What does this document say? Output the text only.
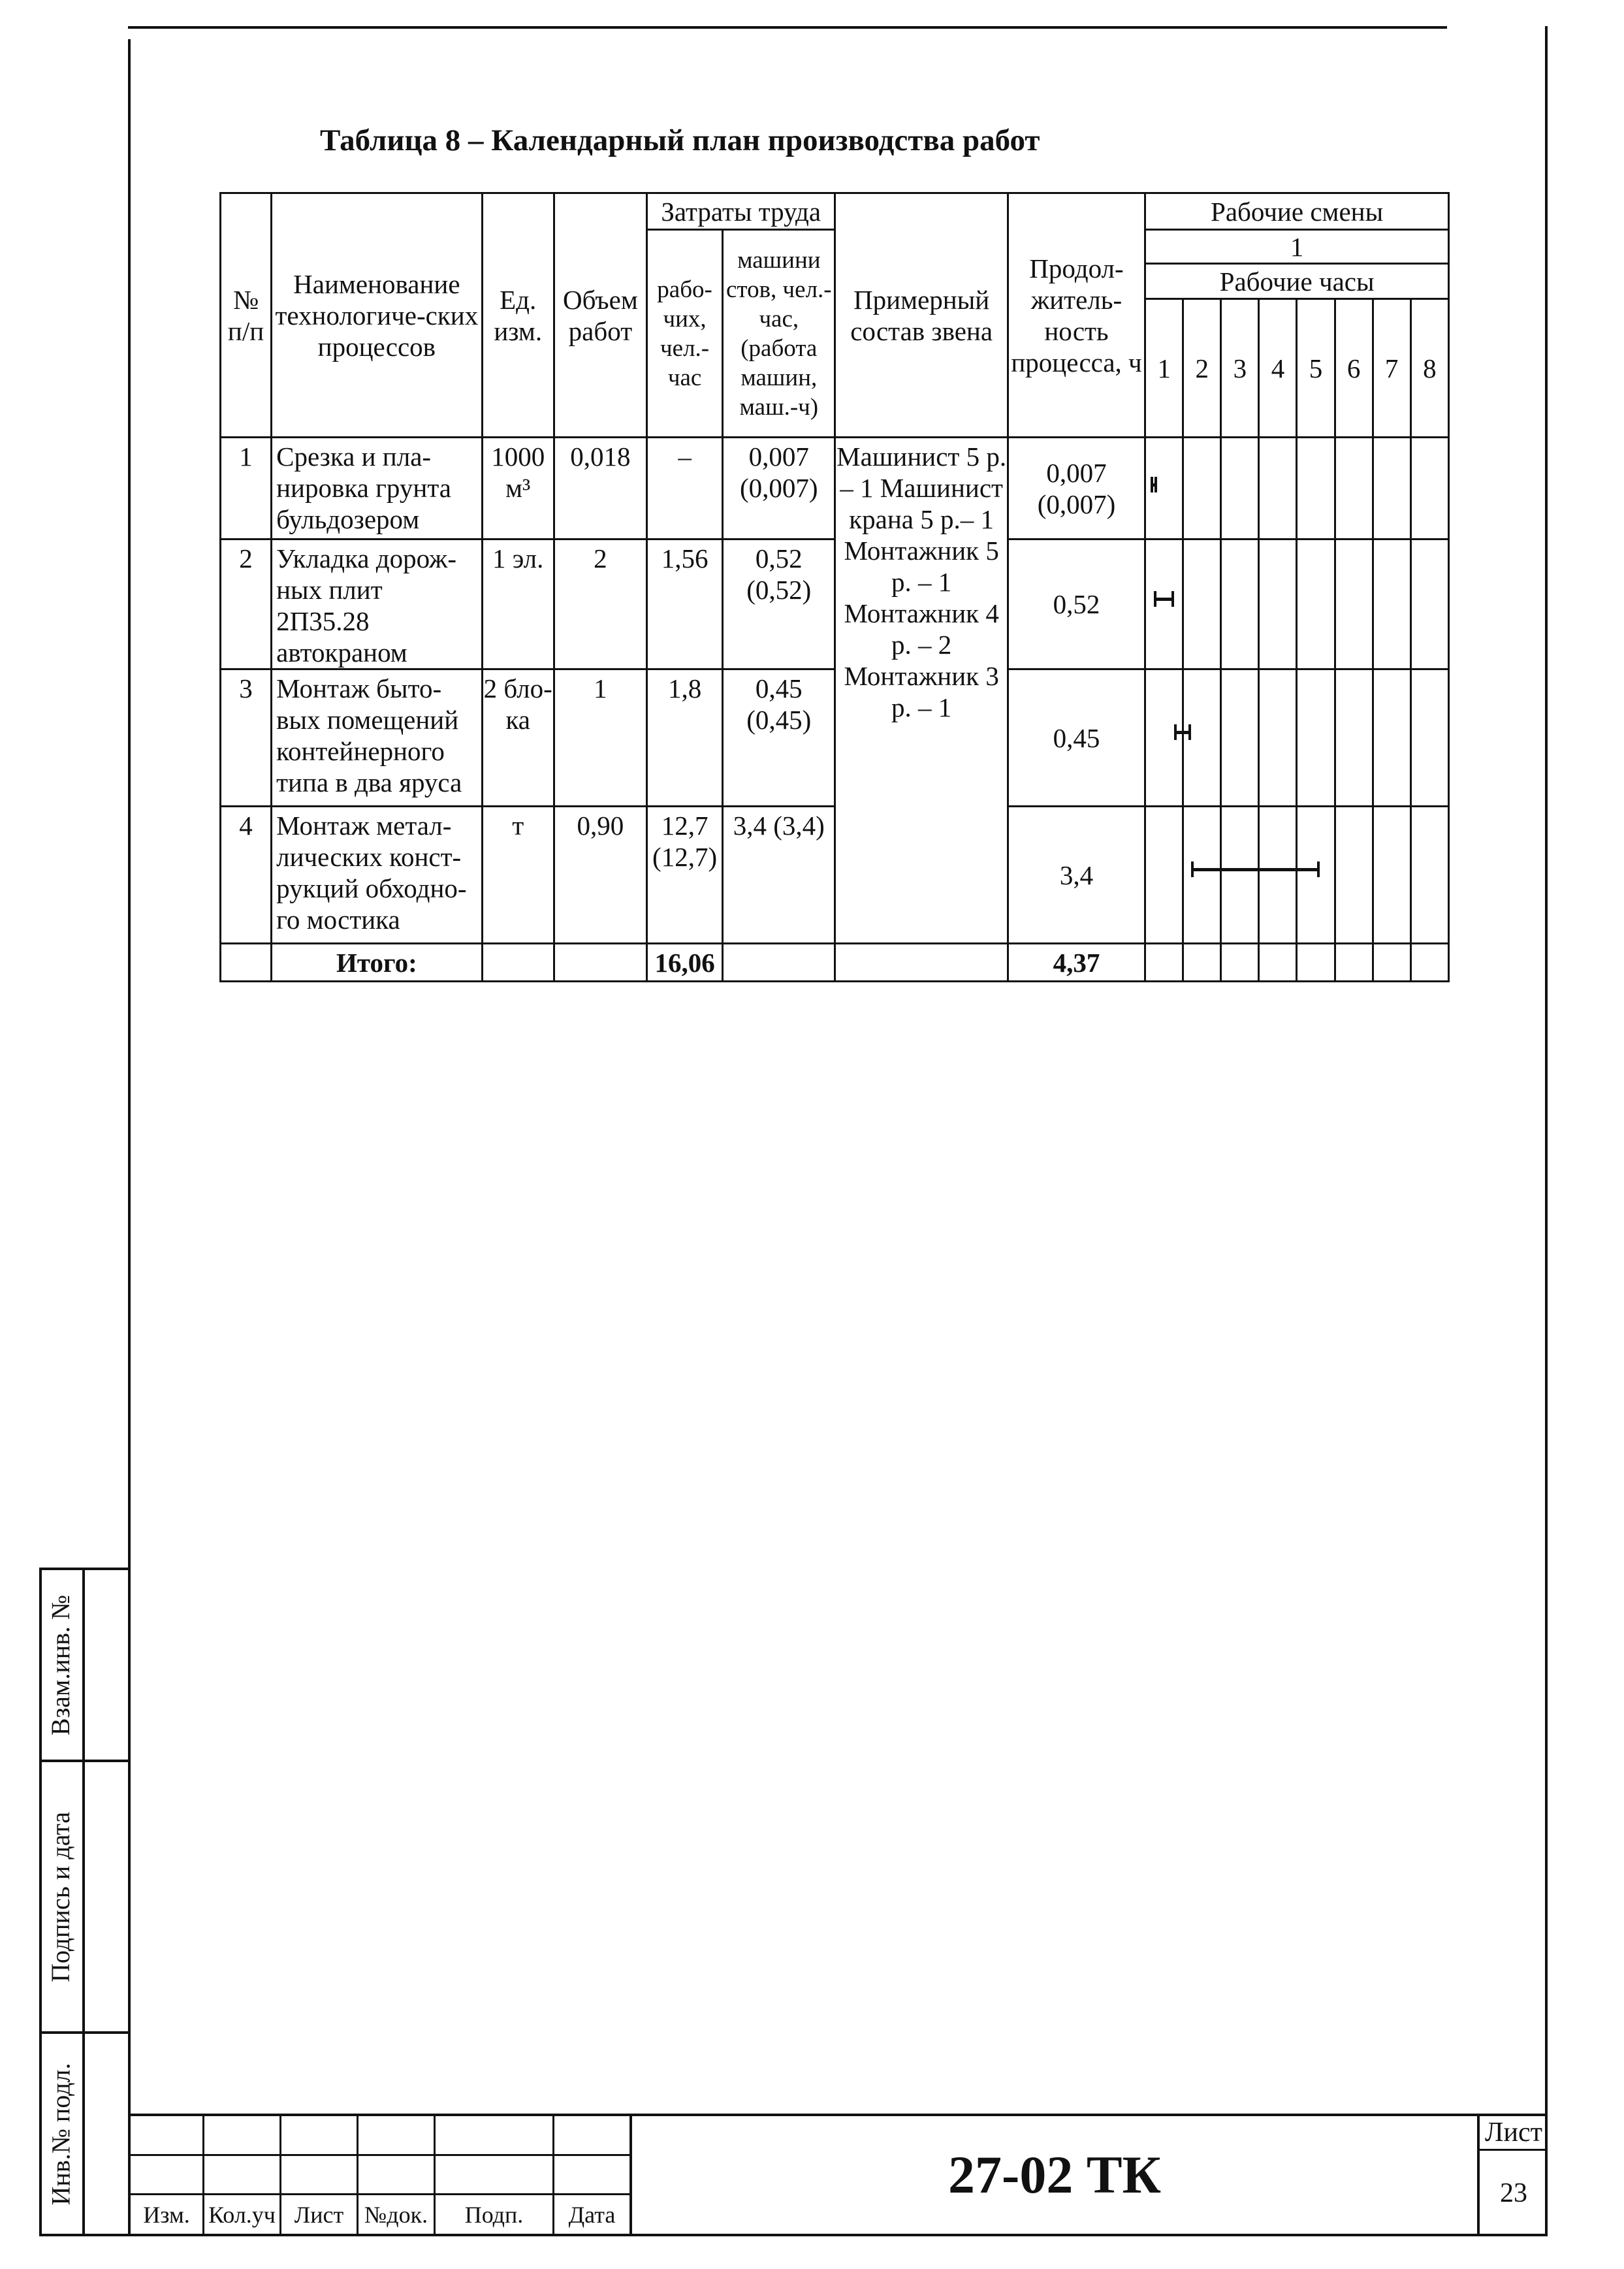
Таблица 8 – Календарный план производства работ
№ п/п	Наименование технологиче-ских процессов	Ед. изм.	Объем работ	Затраты труда		Примерный состав звена	Продол-житель-ность процесса, ч	Рабочие смены							
				рабо-чих, чел.-час	машини стов, чел.-час, (работа машин, маш.-ч)			1							
								Рабочие часы							
								1	2	3	4	5	6	7	8
1	Срезка и пла-нировка грунта бульдозером	1000 м³	0,018	–	0,007 (0,007)	Машинист 5 р. – 1 Машинист крана 5 р.– 1 Монтажник 5 р. – 1 Монтажник 4 р. – 2 Монтажник 3 р. – 1	0,007 (0,007)								
2	Укладка дорож-ных плит 2П35.28 автокраном	1 эл.	2	1,56	0,52 (0,52)		0,52								
3	Монтаж быто-вых помещений контейнерного типа в два яруса	2 бло-ка	1	1,8	0,45 (0,45)		0,45								
4	Монтаж метал-лических конст-рукций обходно-го мостика	т	0,90	12,7 (12,7)	3,4 (3,4)		3,4								
	Итого:			16,06			4,37								
Инв.№ подл.
Подпись и дата
Взам.инв. №
Изм. Кол.уч Лист №док.	Подп.	Дата
27-02 ТК
Лист
23
